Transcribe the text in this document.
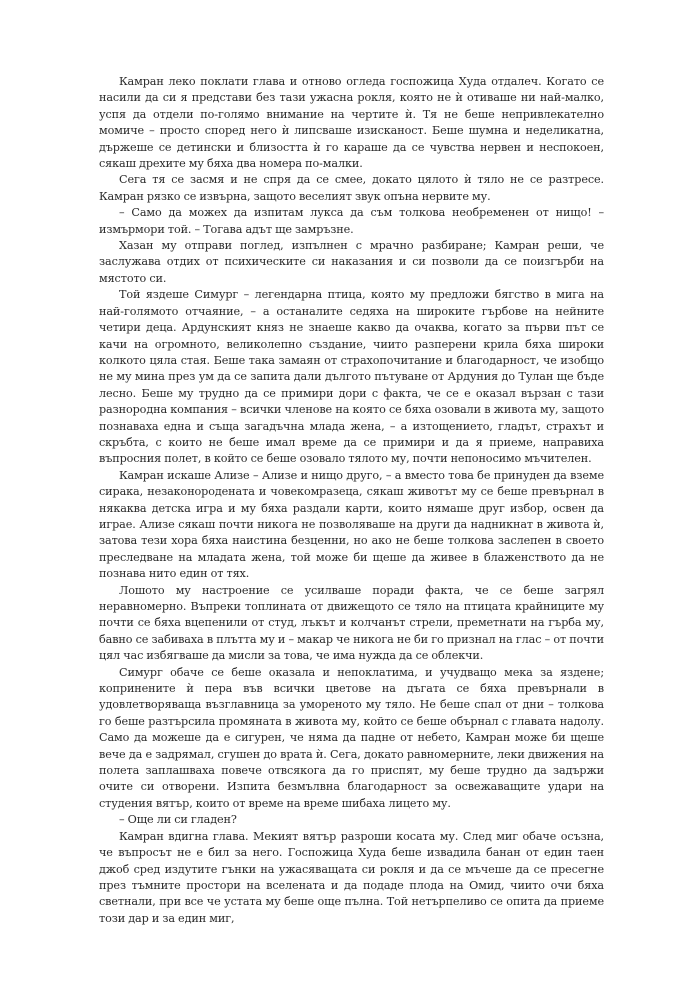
Камран леко поклати глава и отново огледа госпожица Худа отдалеч. Когато се насили да си я представи без тази ужасна рокля, която не ѝ отиваше ни най-малко, успя да отдели по-голямо внимание на чертите ѝ. Тя не беше непривлекателно момиче – просто според него ѝ липсваше изисканост. Беше шумна и неделикатна, държеше се детински и близостта ѝ го караше да се чувства нервен и неспокоен, сякаш дрехите му бяха два номера по-малки.

Сега тя се засмя и не спря да се смее, докато цялото ѝ тяло не се разтресе. Камран рязко се извърна, защото веселият звук опъна нервите му.

– Само да можех да изпитам лукса да съм толкова необременен от нищо! – измърмори той. – Тогава адът ще замръзне.

Хазан му отправи поглед, изпълнен с мрачно разбиране; Камран реши, че заслужава отдих от психическите си наказания и си позволи да се поизгърби на мястото си.

Той яздеше Симург – легендарна птица, която му предложи бягство в мига на най-голямото отчаяние, – а останалите седяха на широките гърбове на нейните четири деца. Ардунският княз не знаеше какво да очаква, когато за първи път се качи на огромното, великолепно създание, чиито разперени крила бяха широки колкото цяла стая. Беше така замаян от страхопочитание и благодарност, че изобщо не му мина през ум да се запита дали дългото пътуване от Ардуния до Тулан ще бъде лесно. Беше му трудно да се примири дори с факта, че се е оказал вързан с тази разнородна компания – всички членове на която се бяха озовали в живота му, защото познаваха една и съща загадъчна млада жена, – а изтощението, гладът, страхът и скръбта, с които не беше имал време да се примири и да я приеме, направиха въпросния полет, в който се беше озовало тялото му, почти непоносимо мъчителен.

Камран искаше Ализе – Ализе и нищо друго, – а вместо това бе принуден да вземе сирака, незаконороденатa и човекомразеца, сякаш животът му се беше превърнал в някаква детска игра и му бяха раздали карти, които нямаше друг избор, освен да играе. Ализе сякаш почти никога не позволяваше на други да надникнат в живота ѝ, затова тези хора бяха наистина безценни, но ако не беше толкова заслепен в своето преследване на младата жена, той може би щеше да живее в блаженството да не познава нито един от тях.

Лошото му настроение се усилваше поради факта, че се беше загрял неравномерно. Въпреки топлината от движещото се тяло на птицата крайниците му почти се бяха вцепенили от студ, лъкът и колчанът стрели, преметнати на гърба му, бавно се забиваха в плътта му и – макар че никога не би го признал на глас – от почти цял час избягваше да мисли за това, че има нужда да се облекчи.

Симург обаче се беше оказала и непоклатима, и учудващо мека за яздене; копринените ѝ пера във всички цветове на дъгата се бяха превърнали в удовлетворяваща възглавница за умореното му тяло. Не беше спал от дни – толкова го беше разтърсила промяната в живота му, който се беше обърнал с главата надолу. Само да можеше да е сигурен, че няма да падне от небето, Камран може би щеше вече да е задрямал, сгушен до врата ѝ. Сега, докато равномерните, леки движения на полета заплашваха повече отвсякога да го приспят, му беше трудно да задържи очите си отворени. Изпита безмълвна благодарност за освежаващите удари на студения вятър, които от време на време шибаха лицето му.

– Още ли си гладен?

Камран вдигна глава. Мекият вятър разроши косата му. След миг обаче осъзна, че въпросът не е бил за него. Госпожица Худа беше извадила банан от един таен джоб сред издутите гънки на ужасяващата си рокля и да се мъчеше да се пресегне през тъмните простори на вселената и да подаде плода на Омид, чиито очи бяха светнали, при все че устата му беше още пълна. Той нетърпеливо се опита да приеме този дар и за един миг,
